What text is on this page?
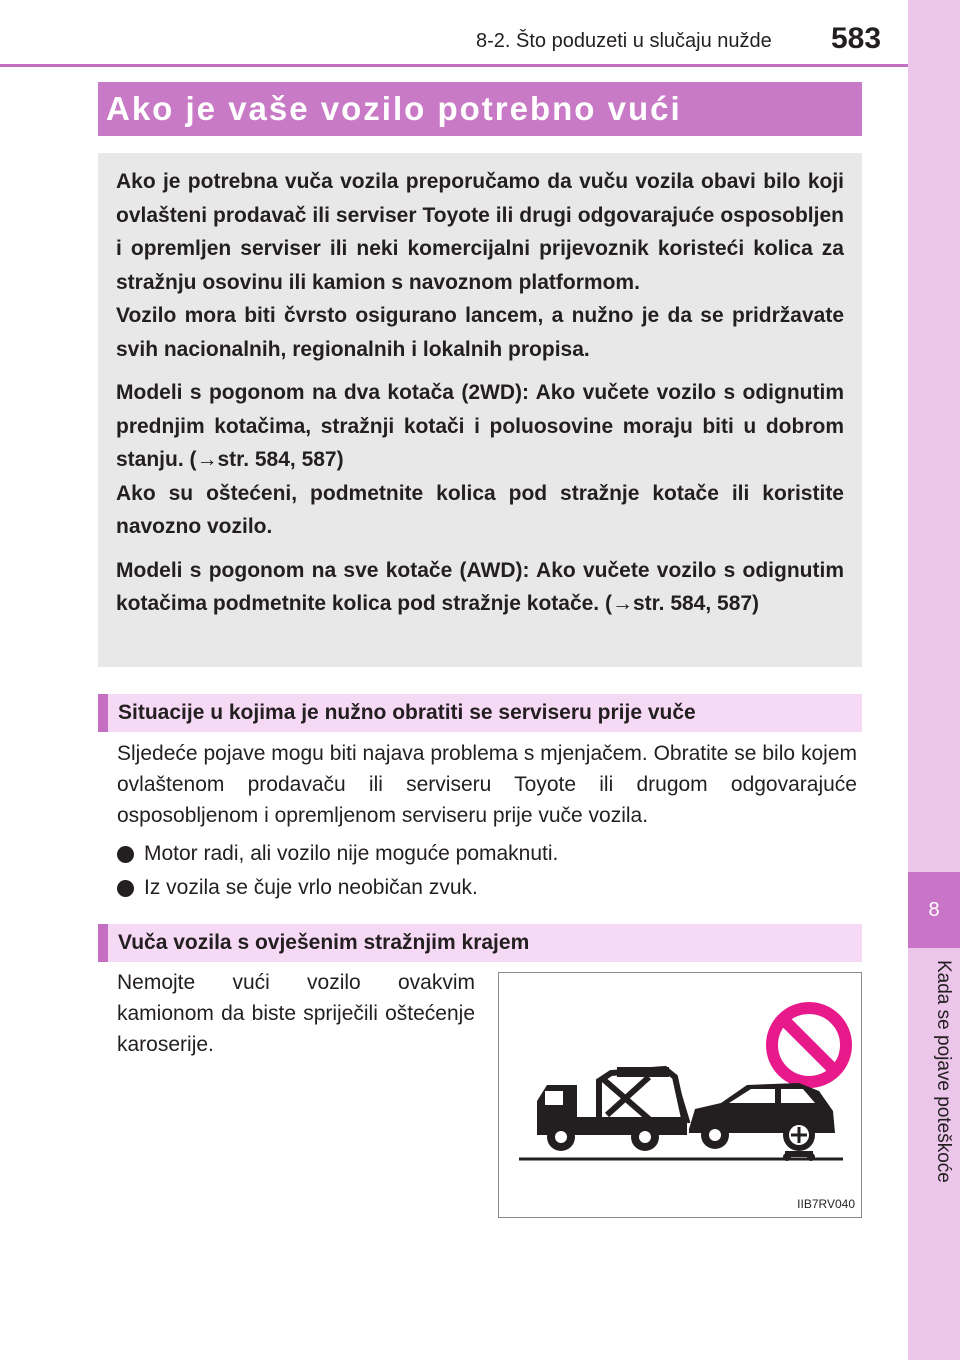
8-2. Što poduzeti u slučaju nužde 583
8
Kada se pojave poteškoće
Ako je vaše vozilo potrebno vući

Ako je potrebna vuča vozila preporučamo da vuču vozila obavi bilo koji ovlašteni prodavač ili serviser Toyote ili drugi odgovarajuće osposobljen i opremljen serviser ili neki komercijalni prijevoznik koristeći kolica za stražnju osovinu ili kamion s navoznom platformom.

Vozilo mora biti čvrsto osigurano lancem, a nužno je da se pridržavate svih nacionalnih, regionalnih i lokalnih propisa.

Modeli s pogonom na dva kotača (2WD): Ako vučete vozilo s odignutim prednjim kotačima, stražnji kotači i poluosovine moraju biti u dobrom stanju. (→str. 584, 587)

Ako su oštećeni, podmetnite kolica pod stražnje kotače ili koristite navozno vozilo.

Modeli s pogonom na sve kotače (AWD): Ako vučete vozilo s odignutim kotačima podmetnite kolica pod stražnje kotače. (→str. 584, 587)

Situacije u kojima je nužno obratiti se serviseru prije vuče
Sljedeće pojave mogu biti najava problema s mjenjačem. Obratite se bilo kojem ovlaštenom prodavaču ili serviseru Toyote ili drugom odgovarajuće osposobljenom i opremljenom serviseru prije vuče vozila.
Motor radi, ali vozilo nije moguće pomaknuti.
Iz vozila se čuje vrlo neobičan zvuk.
Vuča vozila s ovješenim stražnjim krajem
Nemojte vući vozilo ovakvim kamionom da biste spriječili oštećenje karoserije.
IIB7RV040
